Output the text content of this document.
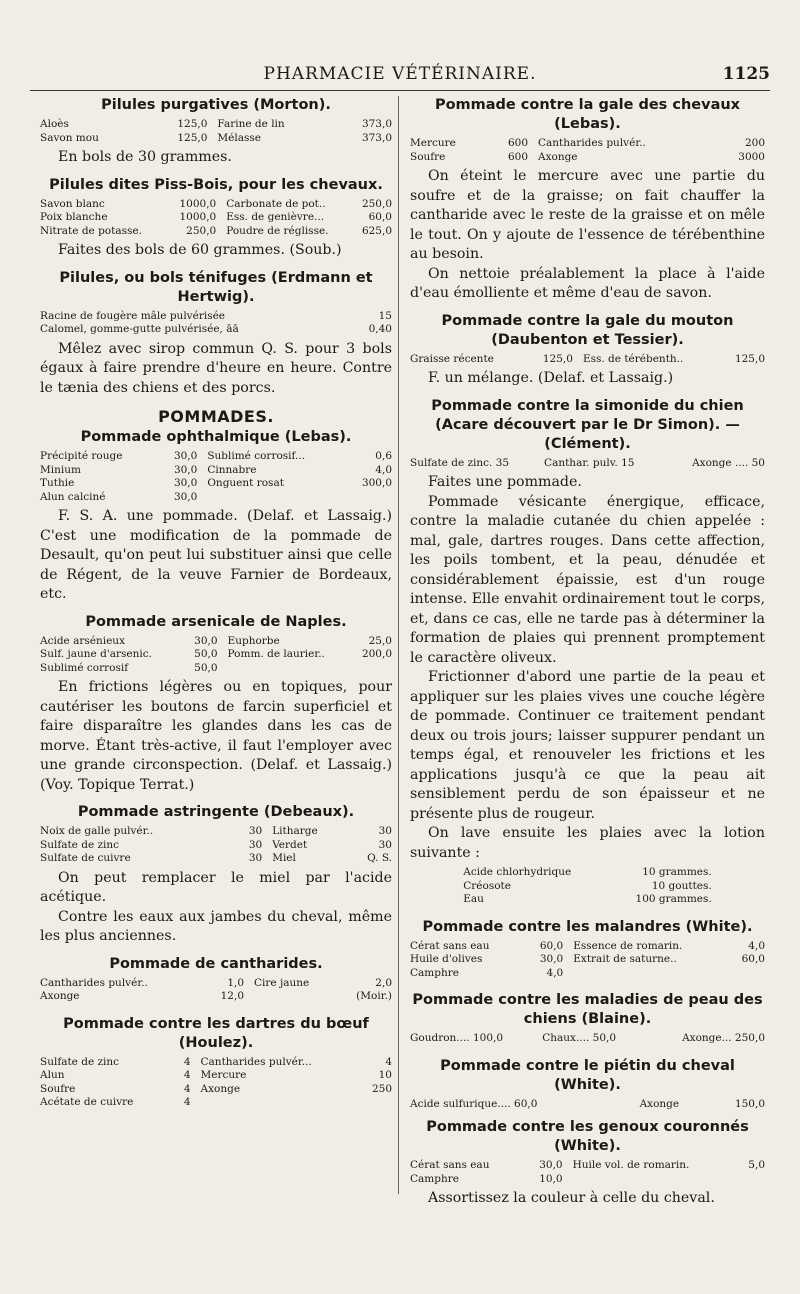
PHARMACIE VÉTÉRINAIRE.	1125
Pilules purgatives (Morton).
Aloès	125,0	Farine de lin	373,0
Savon mou	125,0	Mélasse	373,0

En bols de 30 grammes.

Pilules dites Piss-Bois, pour les chevaux.
Savon blanc	1000,0	Carbonate de pot..	250,0
Poix blanche	1000,0	Ess. de genièvre...	60,0
Nitrate de potasse.	250,0	Poudre de réglisse.	625,0

Faites des bols de 60 grammes. (Soub.)

Pilules, ou bols ténifuges (Erdmann et Hertwig).
Racine de fougère mâle pulvérisée	15
Calomel, gomme-gutte pulvérisée, āā	0,40

Mêlez avec sirop commun Q. S. pour 3 bols égaux à faire prendre d'heure en heure. Contre le tænia des chiens et des porcs.

POMMADES.
Pommade ophthalmique (Lebas).
Précipité rouge	30,0	Sublimé corrosif...	0,6
Minium	30,0	Cinnabre	4,0
Tuthie	30,0	Onguent rosat	300,0
Alun calciné	30,0		

F. S. A. une pommade. (Delaf. et Lassaig.) C'est une modification de la pommade de Desault, qu'on peut lui substituer ainsi que celle de Régent, de la veuve Farnier de Bordeaux, etc.

Pommade arsenicale de Naples.
Acide arsénieux	30,0	Euphorbe	25,0
Sulf. jaune d'arsenic.	50,0	Pomm. de laurier..	200,0
Sublimé corrosif	50,0		

En frictions légères ou en topiques, pour cautériser les boutons de farcin superficiel et faire disparaître les glandes dans les cas de morve. Étant très-active, il faut l'employer avec une grande circonspection. (Delaf. et Lassaig.) (Voy. Topique Terrat.)

Pommade astringente (Debeaux).
Noix de galle pulvér..	30	Litharge	30
Sulfate de zinc	30	Verdet	30
Sulfate de cuivre	30	Miel	Q. S.

On peut remplacer le miel par l'acide acétique.

Contre les eaux aux jambes du cheval, même les plus anciennes.

Pommade de cantharides.
Cantharides pulvér..	1,0	Cire jaune	2,0
Axonge	12,0		(Moir.)
Pommade contre les dartres du bœuf (Houlez).
Sulfate de zinc	4	Cantharides pulvér...	4
Alun	4	Mercure	10
Soufre	4	Axonge	250
Acétate de cuivre	4		
Pommade contre la gale des chevaux (Lebas).
Mercure	600	Cantharides pulvér..	200
Soufre	600	Axonge	3000

On éteint le mercure avec une partie du soufre et de la graisse; on fait chauffer la cantharide avec le reste de la graisse et on mêle le tout. On y ajoute de l'essence de térébenthine au besoin.

On nettoie préalablement la place à l'aide d'eau émolliente et même d'eau de savon.

Pommade contre la gale du mouton (Daubenton et Tessier).
Graisse récente	125,0	Ess. de térébenth..	125,0

F. un mélange. (Delaf. et Lassaig.)

Pommade contre la simonide du chien (Acare découvert par le Dr Simon). — (Clément).
Sulfate de zinc. 35	Canthar. pulv. 15	Axonge .... 50

Faites une pommade.

Pommade vésicante énergique, efficace, contre la maladie cutanée du chien appelée : mal, gale, dartres rouges. Dans cette affection, les poils tombent, et la peau, dénudée et considérablement épaissie, est d'un rouge intense. Elle envahit ordinairement tout le corps, et, dans ce cas, elle ne tarde pas à déterminer la formation de plaies qui prennent promptement le caractère oliveux.

Frictionner d'abord une partie de la peau et appliquer sur les plaies vives une couche légère de pommade. Continuer ce traitement pendant deux ou trois jours; laisser suppurer pendant un temps égal, et renouveler les frictions et les applications jusqu'à ce que la peau ait sensiblement perdu de son épaisseur et ne présente plus de rougeur.

On lave ensuite les plaies avec la lotion suivante :

Acide chlorhydrique	10 grammes.
Créosote	10 gouttes.
Eau	100 grammes.
Pommade contre les malandres (White).
Cérat sans eau	60,0	Essence de romarin.	4,0
Huile d'olives	30,0	Extrait de saturne..	60,0
Camphre	4,0		
Pommade contre les maladies de peau des chiens (Blaine).
Goudron.... 100,0	Chaux.... 50,0	Axonge... 250,0
Pommade contre le piétin du cheval (White).
Acide sulfurique.... 60,0	Axonge	150,0
Pommade contre les genoux couronnés (White).
Cérat sans eau	30,0	Huile vol. de romarin.	5,0
Camphre	10,0		

Assortissez la couleur à celle du cheval.
